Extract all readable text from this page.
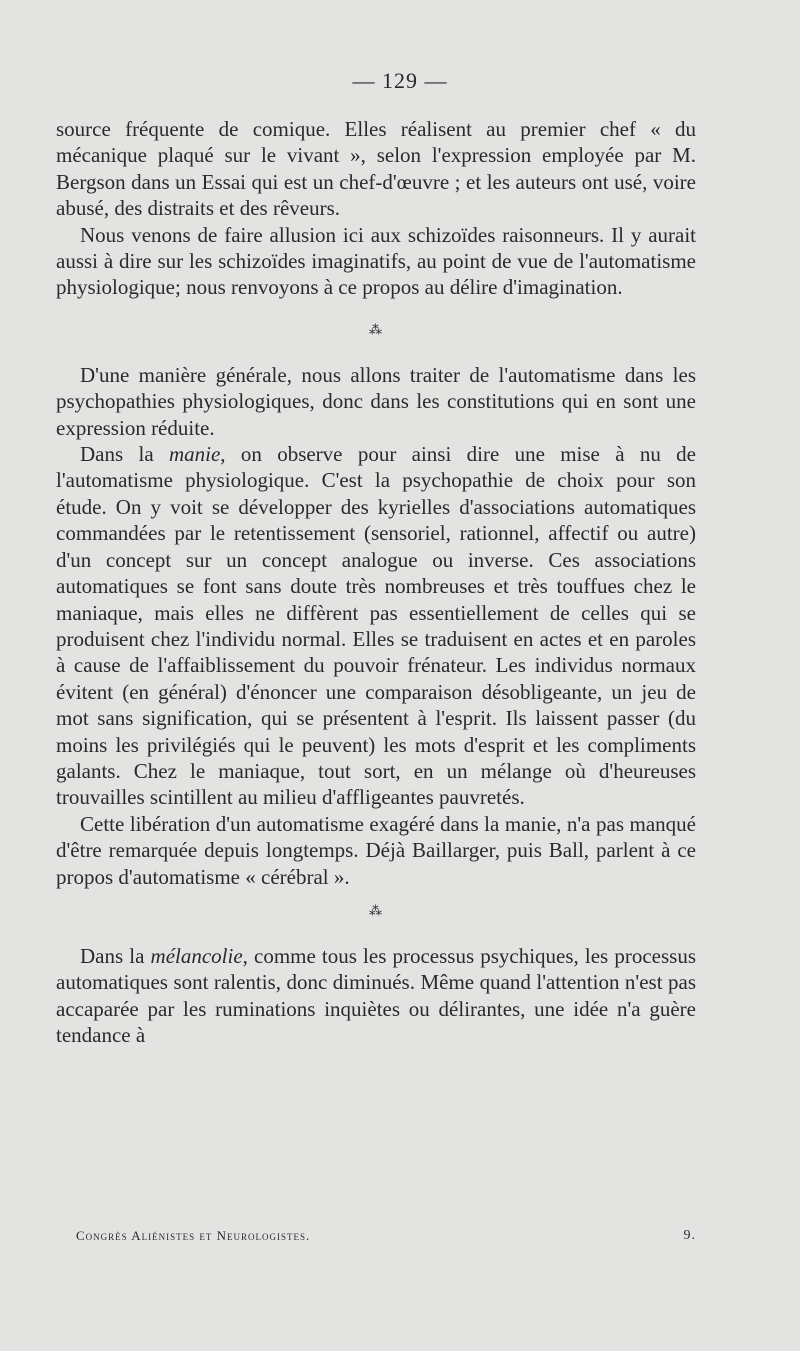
— 129 —

source fréquente de comique. Elles réalisent au premier chef « du mécanique plaqué sur le vivant », selon l'expression employée par M. Bergson dans un Essai qui est un chef-d'œuvre ; et les auteurs ont usé, voire abusé, des distraits et des rêveurs.

Nous venons de faire allusion ici aux schizoïdes raisonneurs. Il y aurait aussi à dire sur les schizoïdes imaginatifs, au point de vue de l'automatisme physiologique; nous renvoyons à ce propos au délire d'imagination.

⁂

D'une manière générale, nous allons traiter de l'automatisme dans les psychopathies physiologiques, donc dans les constitutions qui en sont une expression réduite.

Dans la manie, on observe pour ainsi dire une mise à nu de l'automatisme physiologique. C'est la psychopathie de choix pour son étude. On y voit se développer des kyrielles d'associations automatiques commandées par le retentissement (sensoriel, rationnel, affectif ou autre) d'un concept sur un concept analogue ou inverse. Ces associations automatiques se font sans doute très nombreuses et très touffues chez le maniaque, mais elles ne diffèrent pas essentiellement de celles qui se produisent chez l'individu normal. Elles se traduisent en actes et en paroles à cause de l'affaiblissement du pouvoir frénateur. Les individus normaux évitent (en général) d'énoncer une comparaison désobligeante, un jeu de mot sans signification, qui se présentent à l'esprit. Ils laissent passer (du moins les privilégiés qui le peuvent) les mots d'esprit et les compliments galants. Chez le maniaque, tout sort, en un mélange où d'heureuses trouvailles scintillent au milieu d'affligeantes pauvretés.

Cette libération d'un automatisme exagéré dans la manie, n'a pas manqué d'être remarquée depuis longtemps. Déjà Baillarger, puis Ball, parlent à ce propos d'automatisme « cérébral ».

⁂

Dans la mélancolie, comme tous les processus psychiques, les processus automatiques sont ralentis, donc diminués. Même quand l'attention n'est pas accaparée par les ruminations inquiètes ou délirantes, une idée n'a guère tendance à

Congrès Aliénistes et Neurologistes.	9.
